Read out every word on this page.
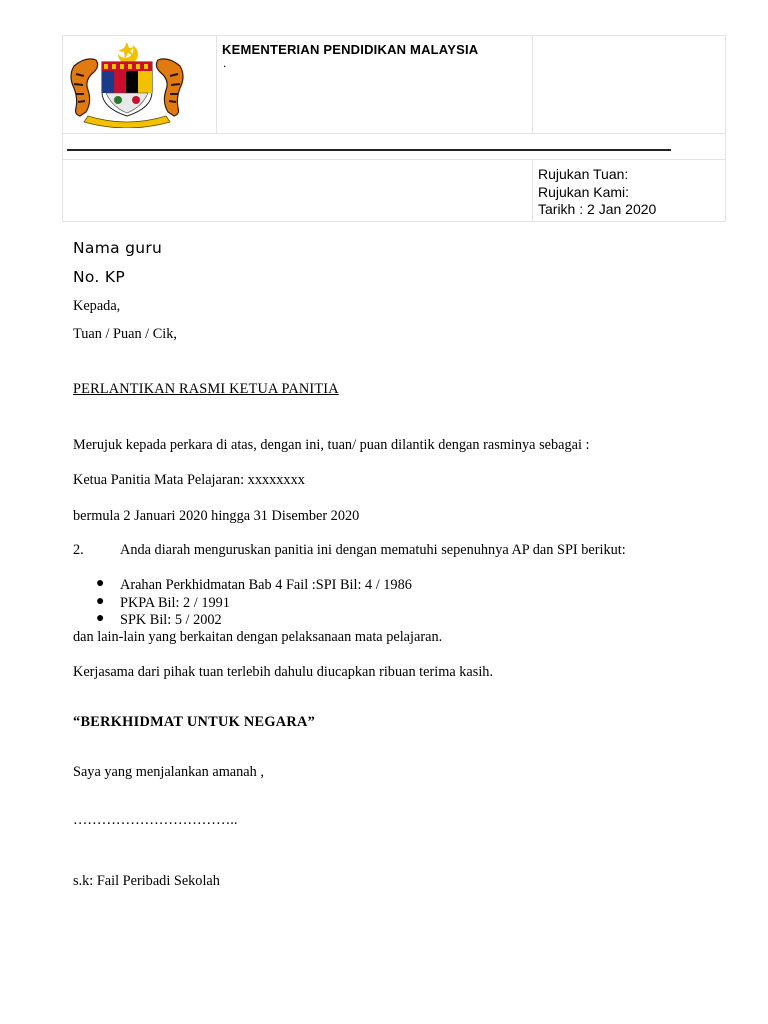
KEMENTERIAN PENDIDIKAN MALAYSIA
.
Rujukan Tuan:
Rujukan Kami:
Tarikh : 2 Jan 2020
Nama guru
No. KP
Kepada,
Tuan / Puan / Cik,
PERLANTIKAN RASMI KETUA PANITIA
Merujuk kepada perkara di atas, dengan ini, tuan/ puan dilantik dengan rasminya sebagai :
Ketua Panitia Mata Pelajaran: xxxxxxxx
bermula 2 Januari 2020 hingga 31 Disember 2020
2.	Anda diarah menguruskan panitia ini dengan mematuhi sepenuhnya AP dan SPI berikut:
● Arahan Perkhidmatan Bab 4 Fail :SPI Bil: 4 / 1986
● PKPA Bil: 2 / 1991
● SPK Bil: 5 / 2002
dan lain-lain yang berkaitan dengan pelaksanaan mata pelajaran.
Kerjasama dari pihak tuan terlebih dahulu diucapkan ribuan terima kasih.
“BERKHIDMAT UNTUK NEGARA”
Saya yang menjalankan amanah ,
……………………………..
s.k: Fail Peribadi Sekolah
